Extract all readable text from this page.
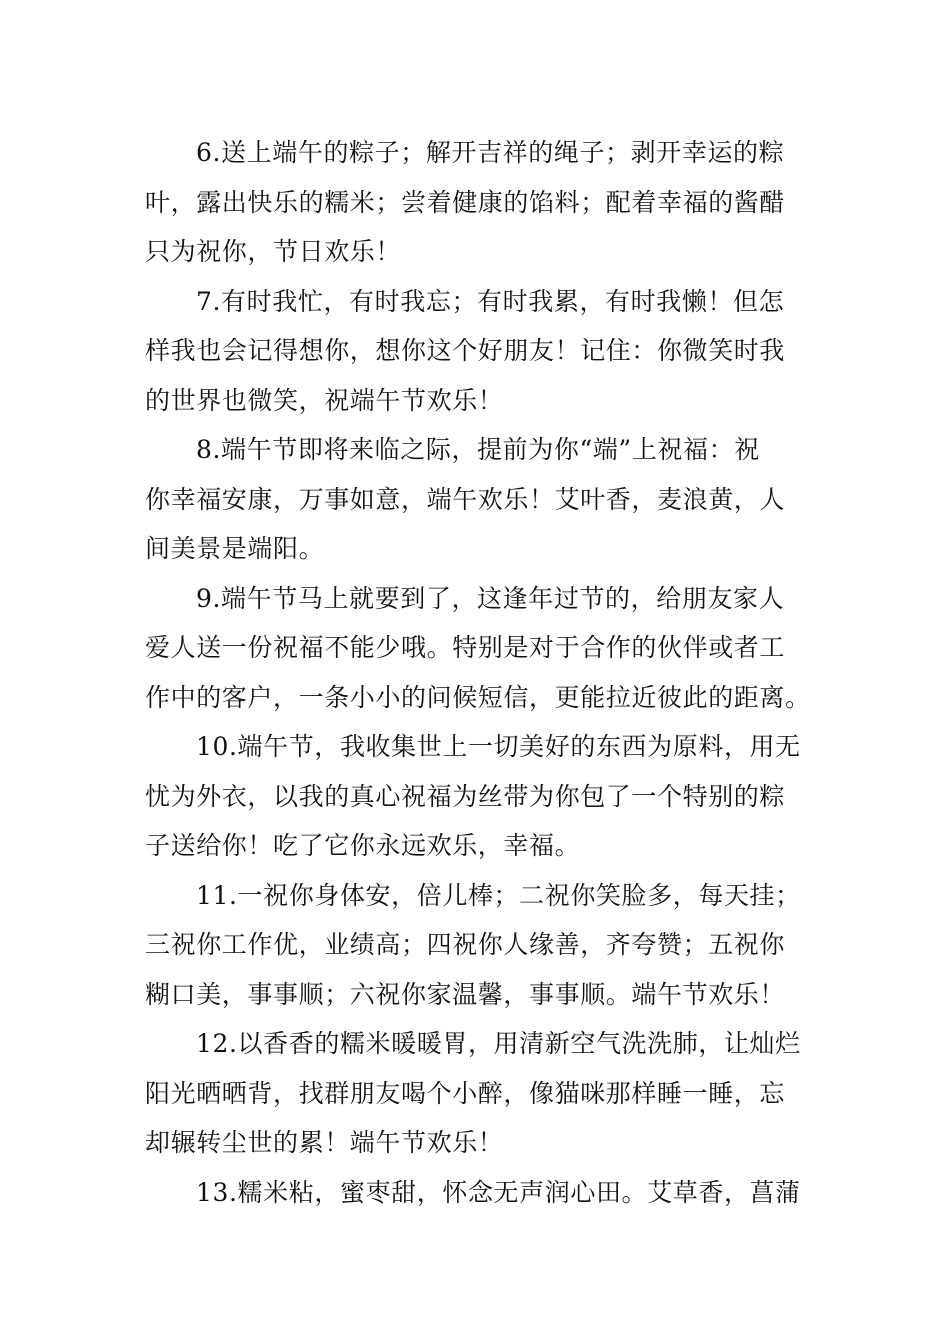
6.送上端午的粽子；解开吉祥的绳子；剥开幸运的粽
叶，露出快乐的糯米；尝着健康的馅料；配着幸福的酱醋
只为祝你，节日欢乐！
7.有时我忙，有时我忘；有时我累，有时我懒！但怎
样我也会记得想你，想你这个好朋友！记住：你微笑时我
的世界也微笑，祝端午节欢乐！
8.端午节即将来临之际，提前为你“端”上祝福：祝
你幸福安康，万事如意，端午欢乐！艾叶香，麦浪黄，人
间美景是端阳。
9.端午节马上就要到了，这逢年过节的，给朋友家人
爱人送一份祝福不能少哦。特别是对于合作的伙伴或者工
作中的客户，一条小小的问候短信，更能拉近彼此的距离。
10.端午节，我收集世上一切美好的东西为原料，用无
忧为外衣，以我的真心祝福为丝带为你包了一个特别的粽
子送给你！吃了它你永远欢乐，幸福。
11.一祝你身体安，倍儿棒；二祝你笑脸多，每天挂；
三祝你工作优，业绩高；四祝你人缘善，齐夸赞；五祝你
糊口美，事事顺；六祝你家温馨，事事顺。端午节欢乐！
12.以香香的糯米暖暖胃，用清新空气洗洗肺，让灿烂
阳光晒晒背，找群朋友喝个小醉，像猫咪那样睡一睡，忘
却辗转尘世的累！端午节欢乐！
13.糯米粘，蜜枣甜，怀念无声润心田。艾草香，菖蒲
